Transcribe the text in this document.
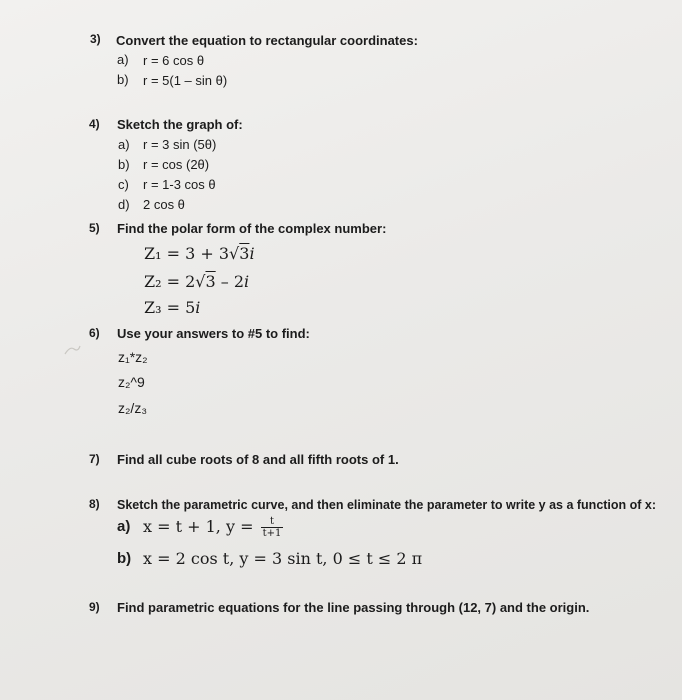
3) Convert the equation to rectangular coordinates:
a) r = 6 cos θ
b) r = 5(1 – sin θ)
4) Sketch the graph of:
a) r = 3 sin (5θ)
b) r = cos (2θ)
c) r = 1-3 cos θ
d) 2 cos θ
5) Find the polar form of the complex number:
Z₁ = 3 + 3√3i
Z₂ = 2√3 – 2i
Z₃ = 5i
6) Use your answers to #5 to find:
z₁*z₂
z₂^9
z₂/z₃
7) Find all cube roots of 8 and all fifth roots of 1.
8) Sketch the parametric curve, and then eliminate the parameter to write y as a function of x:
a) x = t + 1, $y = \frac{t}{t+1}$
b) x = 2 cos t, y = 3 sin t, 0 ≤ t ≤ 2 π
9) Find parametric equations for the line passing through (12, 7) and the origin.
